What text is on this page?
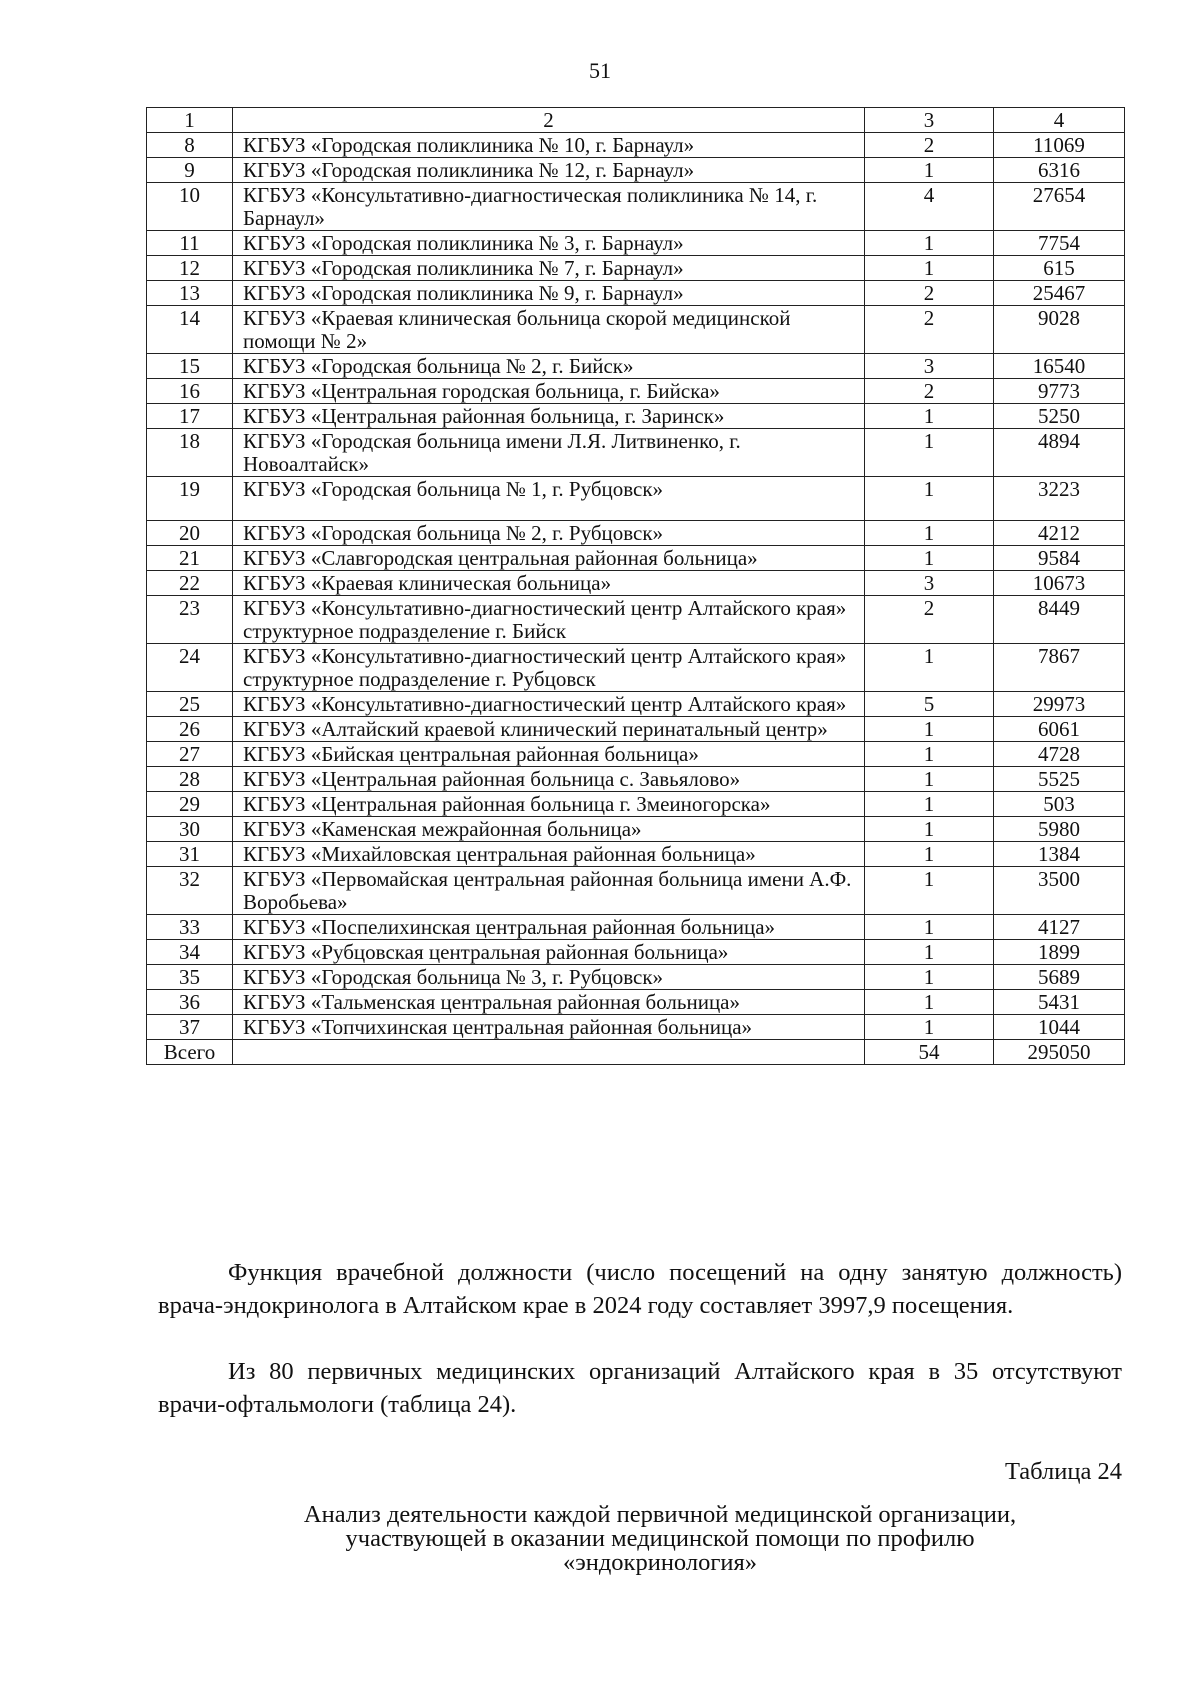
51
1	2	3	4
8	КГБУЗ «Городская поликлиника № 10, г. Барнаул»	2	11069
9	КГБУЗ «Городская поликлиника № 12, г. Барнаул»	1	6316
10	КГБУЗ «Консультативно-диагностическая поликлиника № 14, г. Барнаул»	4	27654
11	КГБУЗ «Городская поликлиника № 3, г. Барнаул»	1	7754
12	КГБУЗ «Городская поликлиника № 7, г. Барнаул»	1	615
13	КГБУЗ «Городская поликлиника № 9, г. Барнаул»	2	25467
14	КГБУЗ «Краевая клиническая больница скорой медицинской помощи № 2»	2	9028
15	КГБУЗ «Городская больница № 2, г. Бийск»	3	16540
16	КГБУЗ «Центральная городская больница, г. Бийска»	2	9773
17	КГБУЗ «Центральная районная больница, г. Заринск»	1	5250
18	КГБУЗ «Городская больница имени Л.Я. Литвиненко, г. Новоалтайск»	1	4894
19	КГБУЗ «Городская больница № 1, г. Рубцовск»	1	3223
20	КГБУЗ «Городская больница № 2, г. Рубцовск»	1	4212
21	КГБУЗ «Славгородская центральная районная больница»	1	9584
22	КГБУЗ «Краевая клиническая больница»	3	10673
23	КГБУЗ «Консультативно-диагностический центр Алтайского края» структурное подразделение г. Бийск	2	8449
24	КГБУЗ «Консультативно-диагностический центр Алтайского края» структурное подразделение г. Рубцовск	1	7867
25	КГБУЗ «Консультативно-диагностический центр Алтайского края»	5	29973
26	КГБУЗ «Алтайский краевой клинический перинатальный центр»	1	6061
27	КГБУЗ «Бийская центральная районная больница»	1	4728
28	КГБУЗ «Центральная районная больница с. Завьялово»	1	5525
29	КГБУЗ «Центральная районная больница г. Змеиногорска»	1	503
30	КГБУЗ «Каменская межрайонная больница»	1	5980
31	КГБУЗ «Михайловская центральная районная больница»	1	1384
32	КГБУЗ «Первомайская центральная районная больница имени А.Ф. Воробьева»	1	3500
33	КГБУЗ «Поспелихинская центральная районная больница»	1	4127
34	КГБУЗ «Рубцовская центральная районная больница»	1	1899
35	КГБУЗ «Городская больница № 3, г. Рубцовск»	1	5689
36	КГБУЗ «Тальменская центральная районная больница»	1	5431
37	КГБУЗ «Топчихинская центральная районная больница»	1	1044
Всего		54	295050
Функция врачебной должности (число посещений на одну занятую должность) врача-эндокринолога в Алтайском крае в 2024 году составляет 3997,9 посещения.
Из 80 первичных медицинских организаций Алтайского края в 35 отсутствуют врачи-офтальмологи (таблица 24).
Таблица 24
Анализ деятельности каждой первичной медицинской организации,
участвующей в оказании медицинской помощи по профилю
«эндокринология»
